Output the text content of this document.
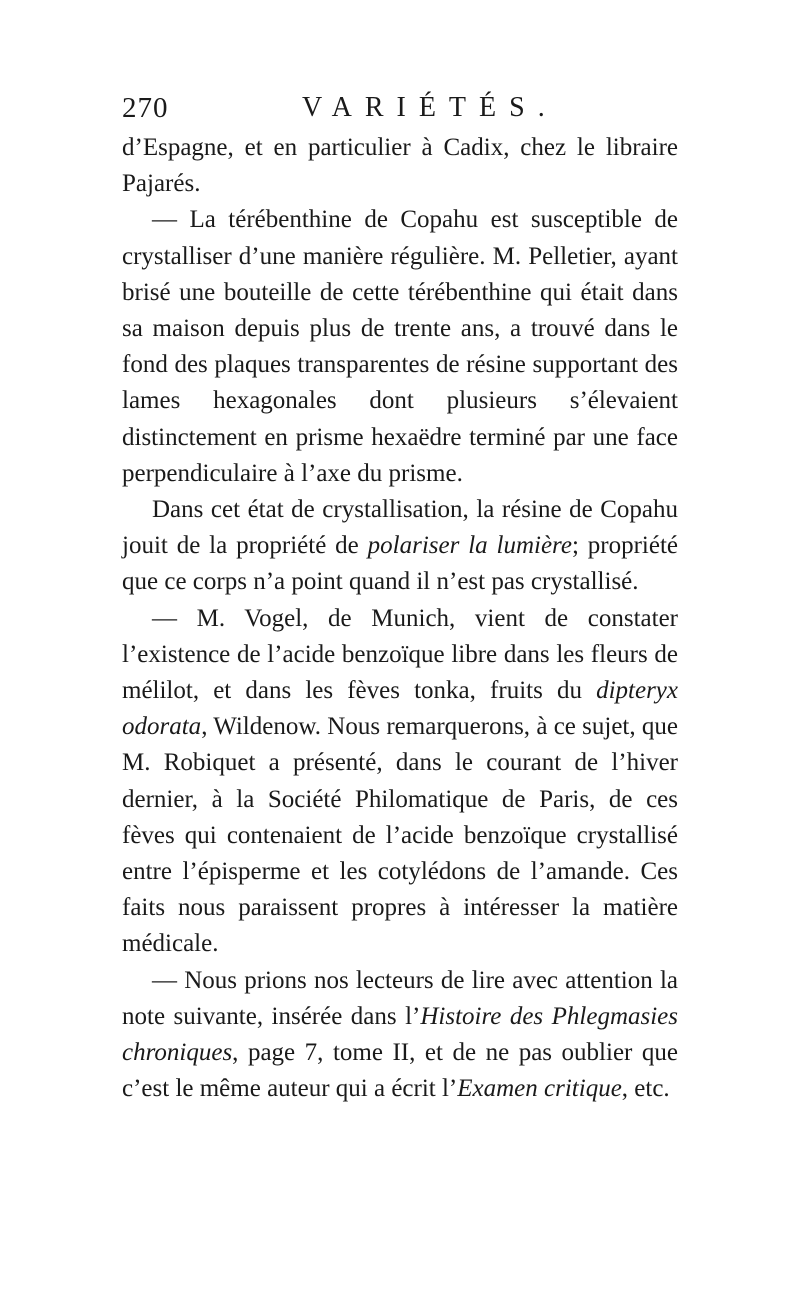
270	VARIÉTÉS.

d’Espagne, et en particulier à Cadix, chez le libraire Pajarés.

— La térébenthine de Copahu est susceptible de crystalliser d’une manière régulière. M. Pelletier, ayant brisé une bouteille de cette térébenthine qui était dans sa maison depuis plus de trente ans, a trouvé dans le fond des plaques transparentes de résine supportant des lames hexagonales dont plusieurs s’élevaient distinctement en prisme hexaëdre terminé par une face perpendiculaire à l’axe du prisme.

Dans cet état de crystallisation, la résine de Copahu jouit de la propriété de polariser la lumière; propriété que ce corps n’a point quand il n’est pas crystallisé.

— M. Vogel, de Munich, vient de constater l’existence de l’acide benzoïque libre dans les fleurs de mélilot, et dans les fèves tonka, fruits du dipteryx odorata, Wildenow. Nous remarquerons, à ce sujet, que M. Robiquet a présenté, dans le courant de l’hiver dernier, à la Société Philomatique de Paris, de ces fèves qui contenaient de l’acide benzoïque crystallisé entre l’épisperme et les cotylédons de l’amande. Ces faits nous paraissent propres à intéresser la matière médicale.

— Nous prions nos lecteurs de lire avec attention la note suivante, insérée dans l’Histoire des Phlegmasies chroniques, page 7, tome II, et de ne pas oublier que c’est le même auteur qui a écrit l’Examen critique, etc.
